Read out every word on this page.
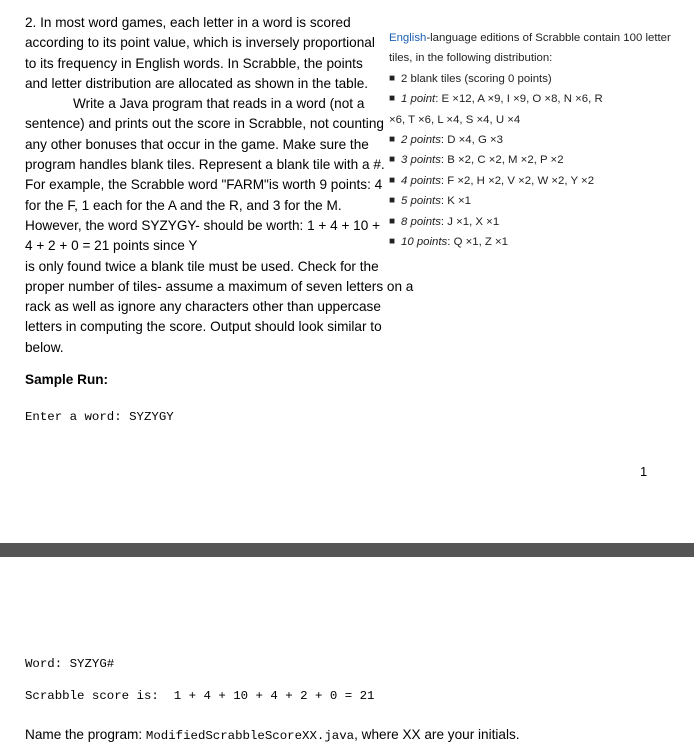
2. In most word games, each letter in a word is scored according to its point value, which is inversely proportional to its frequency in English words. In Scrabble, the points and letter distribution are allocated as shown in the table.

Write a Java program that reads in a word (not a sentence) and prints out the score in Scrabble, not counting any other bonuses that occur in the game. Make sure the program handles blank tiles. Represent a blank tile with a #. For example, the Scrabble word "FARM"is worth 9 points: 4 for the F, 1 each for the A and the R, and 3 for the M. However, the word SYZYGY- should be worth: 1 + 4 + 10 + 4 + 2 + 0 = 21 points since Y

is only found twice a blank tile must be used. Check for the proper number of tiles- assume a maximum of seven letters on a rack as well as ignore any characters other than uppercase letters in computing the score. Output should look similar to below.

English-language editions of Scrabble contain 100 letter tiles, in the following distribution:
■ 2 blank tiles (scoring 0 points)
■ 1 point: E ×12, A ×9, I ×9, O ×8, N ×6, R
×6, T ×6, L ×4, S ×4, U ×4
■ 2 points: D ×4, G ×3
■ 3 points: B ×2, C ×2, M ×2, P ×2
■ 4 points: F ×2, H ×2, V ×2, W ×2, Y ×2
■ 5 points: K ×1
■ 8 points: J ×1, X ×1
■ 10 points: Q ×1, Z ×1
Sample Run:
Enter a word: SYZYGY
1
Word: SYZYG#
Scrabble score is:  1 + 4 + 10 + 4 + 2 + 0 = 21
Name the program: ModifiedScrabbleScoreXX.java, where XX are your initials.
